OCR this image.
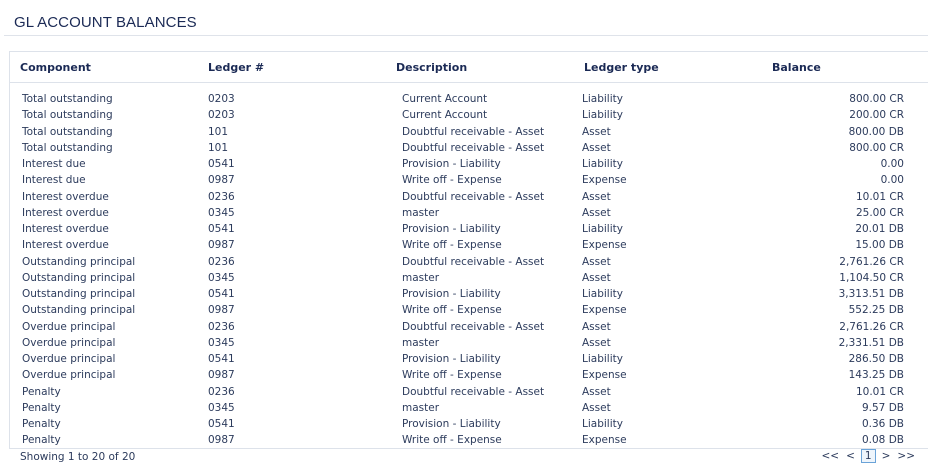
GL ACCOUNT BALANCES
Component	Ledger #	Description	Ledger type	Balance
Total outstanding	0203	Current Account	Liability	800.00 CR
Total outstanding	0203	Current Account	Liability	200.00 CR
Total outstanding	101	Doubtful receivable - Asset	Asset	800.00 DB
Total outstanding	101	Doubtful receivable - Asset	Asset	800.00 CR
Interest due	0541	Provision - Liability	Liability	0.00
Interest due	0987	Write off - Expense	Expense	0.00
Interest overdue	0236	Doubtful receivable - Asset	Asset	10.01 CR
Interest overdue	0345	master	Asset	25.00 CR
Interest overdue	0541	Provision - Liability	Liability	20.01 DB
Interest overdue	0987	Write off - Expense	Expense	15.00 DB
Outstanding principal	0236	Doubtful receivable - Asset	Asset	2,761.26 CR
Outstanding principal	0345	master	Asset	1,104.50 CR
Outstanding principal	0541	Provision - Liability	Liability	3,313.51 DB
Outstanding principal	0987	Write off - Expense	Expense	552.25 DB
Overdue principal	0236	Doubtful receivable - Asset	Asset	2,761.26 CR
Overdue principal	0345	master	Asset	2,331.51 DB
Overdue principal	0541	Provision - Liability	Liability	286.50 DB
Overdue principal	0987	Write off - Expense	Expense	143.25 DB
Penalty	0236	Doubtful receivable - Asset	Asset	10.01 CR
Penalty	0345	master	Asset	9.57 DB
Penalty	0541	Provision - Liability	Liability	0.36 DB
Penalty	0987	Write off - Expense	Expense	0.08 DB
Showing 1 to 20 of 20	<< < 1 > >>
